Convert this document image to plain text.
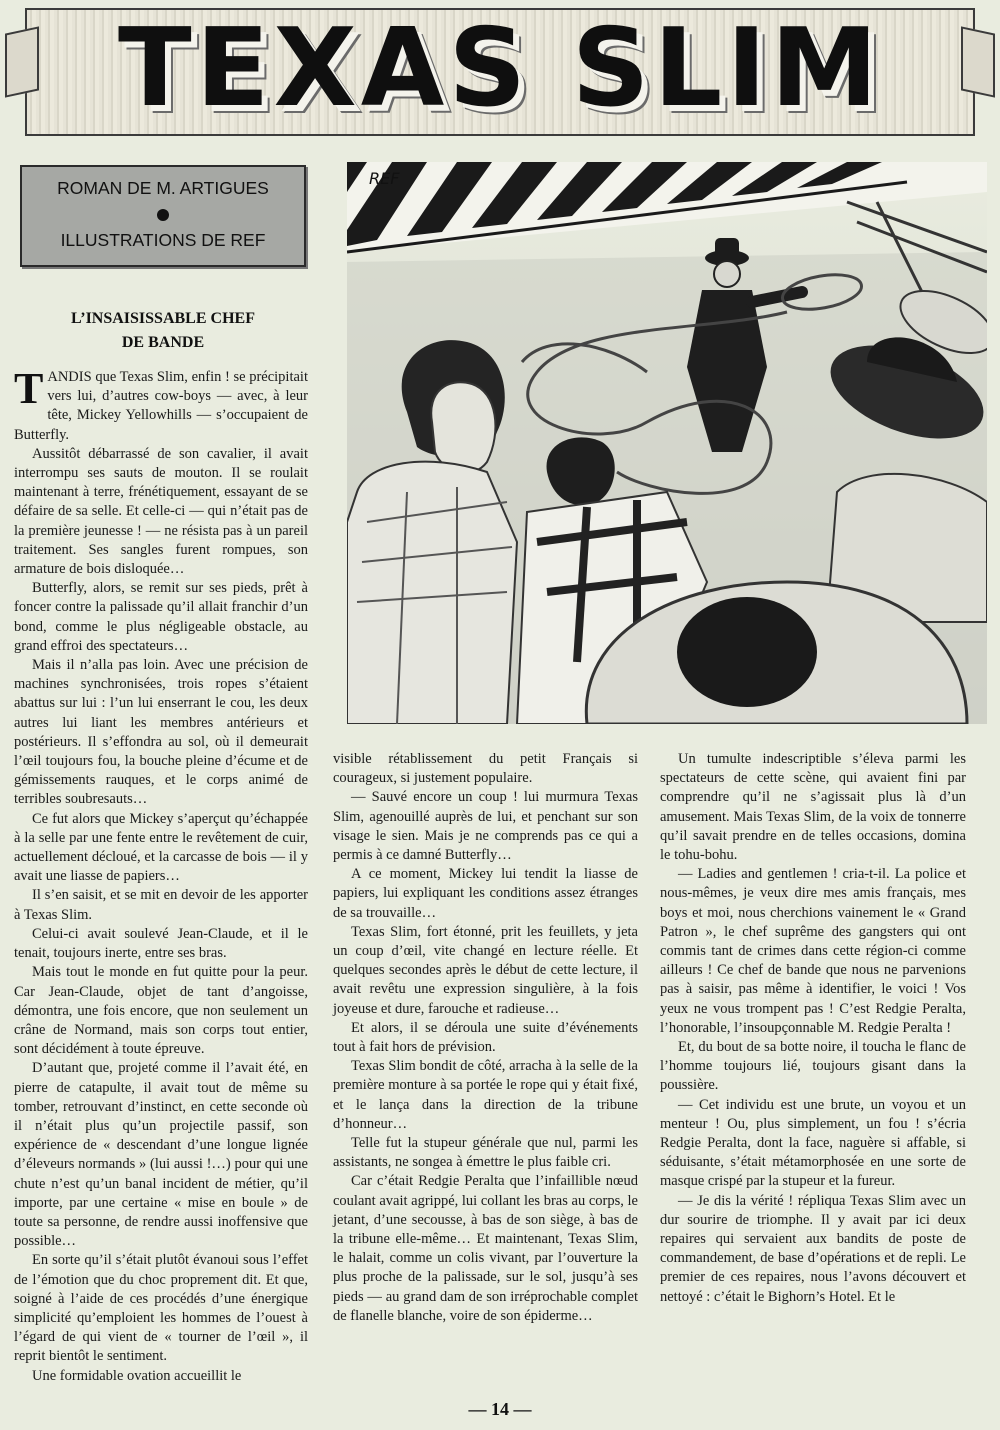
TEXAS SLIM
ROMAN DE M. ARTIGUES
ILLUSTRATIONS DE REF
L’INSAISISSABLE CHEF
DE BANDE
REF

TANDIS que Texas Slim, enfin ! se précipitait vers lui, d’autres cow-boys — avec, à leur tête, Mickey Yellowhills — s’occupaient de Butterfly.

Aussitôt débarrassé de son cavalier, il avait interrompu ses sauts de mouton. Il se roulait maintenant à terre, frénétiquement, essayant de se défaire de sa selle. Et celle-ci — qui n’était pas de la première jeunesse ! — ne résista pas à un pareil traitement. Ses sangles furent rompues, son armature de bois disloquée…

Butterfly, alors, se remit sur ses pieds, prêt à foncer contre la palissade qu’il allait franchir d’un bond, comme le plus négligeable obstacle, au grand effroi des spectateurs…

Mais il n’alla pas loin. Avec une précision de machines synchronisées, trois ropes s’étaient abattus sur lui : l’un lui enserrant le cou, les deux autres lui liant les membres antérieurs et postérieurs. Il s’effondra au sol, où il demeurait l’œil toujours fou, la bouche pleine d’écume et de gémissements rauques, et le corps animé de terribles soubresauts…

Ce fut alors que Mickey s’aperçut qu’échappée à la selle par une fente entre le revêtement de cuir, actuellement décloué, et la carcasse de bois — il y avait une liasse de papiers…

Il s’en saisit, et se mit en devoir de les apporter à Texas Slim.

Celui-ci avait soulevé Jean-Claude, et il le tenait, toujours inerte, entre ses bras.

Mais tout le monde en fut quitte pour la peur. Car Jean-Claude, objet de tant d’angoisse, démontra, une fois encore, que non seulement un crâne de Normand, mais son corps tout entier, sont décidément à toute épreuve.

D’autant que, projeté comme il l’avait été, en pierre de catapulte, il avait tout de même su tomber, retrouvant d’instinct, en cette seconde où il n’était plus qu’un projectile passif, son expérience de « descendant d’une longue lignée d’éleveurs normands » (lui aussi !…) pour qui une chute n’est qu’un banal incident de métier, qu’il importe, par une certaine « mise en boule » de toute sa personne, de rendre aussi inoffensive que possible…

En sorte qu’il s’était plutôt évanoui sous l’effet de l’émotion que du choc proprement dit. Et que, soigné à l’aide de ces procédés d’une énergique simplicité qu’emploient les hommes de l’ouest à l’égard de qui vient de « tourner de l’œil », il reprit bientôt le sentiment.

Une formidable ovation accueillit le

visible rétablissement du petit Français si courageux, si justement populaire.

— Sauvé encore un coup ! lui murmura Texas Slim, agenouillé auprès de lui, et penchant sur son visage le sien. Mais je ne comprends pas ce qui a permis à ce damné Butterfly…

A ce moment, Mickey lui tendit la liasse de papiers, lui expliquant les conditions assez étranges de sa trouvaille…

Texas Slim, fort étonné, prit les feuillets, y jeta un coup d’œil, vite changé en lecture réelle. Et quelques secondes après le début de cette lecture, il avait revêtu une expression singulière, à la fois joyeuse et dure, farouche et radieuse…

Et alors, il se déroula une suite d’événements tout à fait hors de prévision.

Texas Slim bondit de côté, arracha à la selle de la première monture à sa portée le rope qui y était fixé, et le lança dans la direction de la tribune d’honneur…

Telle fut la stupeur générale que nul, parmi les assistants, ne songea à émettre le plus faible cri.

Car c’était Redgie Peralta que l’infaillible nœud coulant avait agrippé, lui collant les bras au corps, le jetant, d’une secousse, à bas de son siège, à bas de la tribune elle-même… Et maintenant, Texas Slim, le halait, comme un colis vivant, par l’ouverture la plus proche de la palissade, sur le sol, jusqu’à ses pieds — au grand dam de son irréprochable complet de flanelle blanche, voire de son épiderme…

Un tumulte indescriptible s’éleva parmi les spectateurs de cette scène, qui avaient fini par comprendre qu’il ne s’agissait plus là d’un amusement. Mais Texas Slim, de la voix de tonnerre qu’il savait prendre en de telles occasions, domina le tohu-bohu.

— Ladies and gentlemen ! cria-t-il. La police et nous-mêmes, je veux dire mes amis français, mes boys et moi, nous cherchions vainement le « Grand Patron », le chef suprême des gangsters qui ont commis tant de crimes dans cette région-ci comme ailleurs ! Ce chef de bande que nous ne parvenions pas à saisir, pas même à identifier, le voici ! Vos yeux ne vous trompent pas ! C’est Redgie Peralta, l’honorable, l’insoupçonnable M. Redgie Peralta !

Et, du bout de sa botte noire, il toucha le flanc de l’homme toujours lié, toujours gisant dans la poussière.

— Cet individu est une brute, un voyou et un menteur ! Ou, plus simplement, un fou ! s’écria Redgie Peralta, dont la face, naguère si affable, si séduisante, s’était métamorphosée en une sorte de masque crispé par la stupeur et la fureur.

— Je dis la vérité ! répliqua Texas Slim avec un dur sourire de triomphe. Il y avait par ici deux repaires qui servaient aux bandits de poste de commandement, de base d’opérations et de repli. Le premier de ces repaires, nous l’avons découvert et nettoyé : c’était le Bighorn’s Hotel. Et le

— 14 —
